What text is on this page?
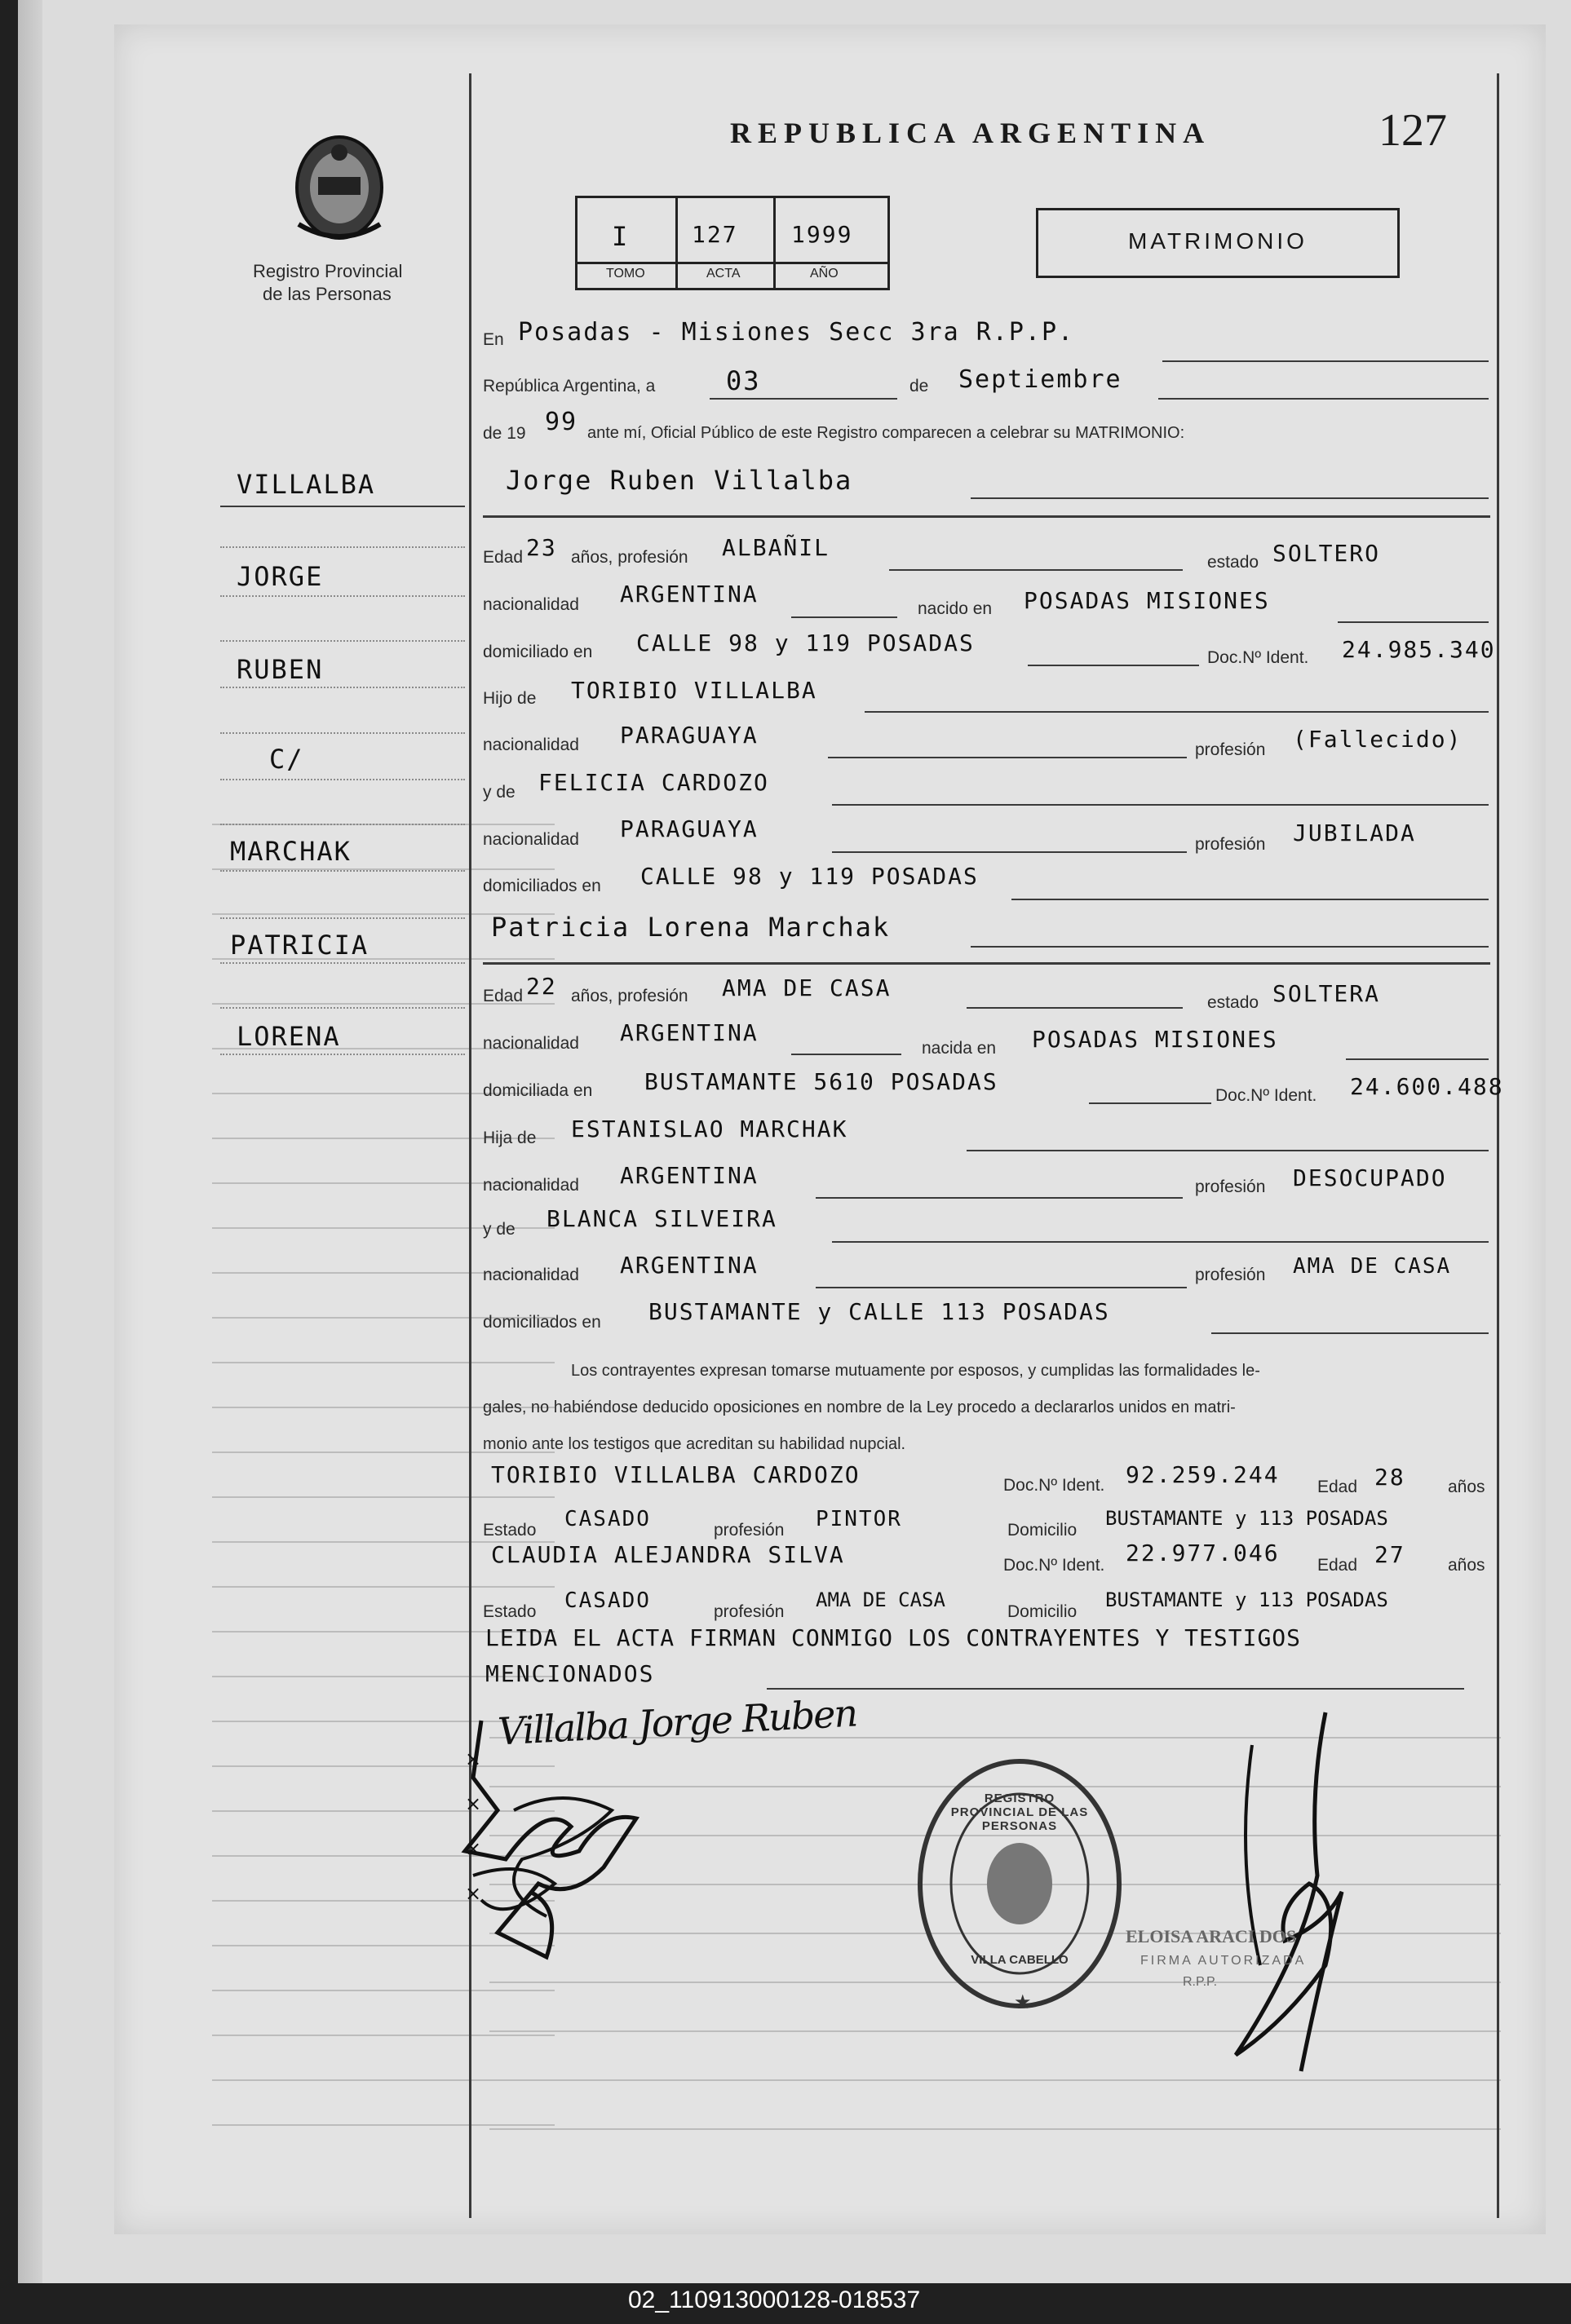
Registro Provincial
de las Personas
REPUBLICA ARGENTINA	127
I	127 1999
TOMO	ACTA	AÑO
MATRIMONIO
VILLALBA
JORGE
RUBEN
C/
MARCHAK
PATRICIA
LORENA
En Posadas - Misiones Secc 3ra R.P.P.
República Argentina, a	03	de Septiembre
de 19 99 ante mí, Oficial Público de este Registro comparecen a celebrar su MATRIMONIO:
Jorge Ruben Villalba
Edad 23 años, profesión ALBAÑIL
estado SOLTERO
nacionalidad ARGENTINA
nacido en POSADAS MISIONES
domiciliado en CALLE 98 y 119 POSADAS
Doc.Nº Ident. 24.985.340
Hijo de TORIBIO VILLALBA
nacionalidad PARAGUAYA
profesión (Fallecido)
y de FELICIA CARDOZO
nacionalidad PARAGUAYA
profesión JUBILADA
domiciliados en CALLE 98 y 119 POSADAS
Patricia Lorena Marchak
Edad 22 años, profesión AMA DE CASA
estado SOLTERA
nacionalidad ARGENTINA
nacida en POSADAS MISIONES
domiciliada en BUSTAMANTE 5610 POSADAS
Doc.Nº Ident. 24.600.488
Hija de ESTANISLAO MARCHAK
nacionalidad ARGENTINA	profesión DESOCUPADO
y de BLANCA SILVEIRA
nacionalidad ARGENTINA	profesión AMA DE CASA
domiciliados en BUSTAMANTE y CALLE 113 POSADAS
Los contrayentes expresan tomarse mutuamente por esposos, y cumplidas las formalidades le-
gales, no habiéndose deducido oposiciones en nombre de la Ley procedo a declararlos unidos en matri-
monio ante los testigos que acreditan su habilidad nupcial.
TORIBIO VILLALBA CARDOZO	Doc.Nº Ident. 92.259.244 Edad 28 años
Estado CASADO	profesión PINTOR	Domicilio
BUSTAMANTE y 113 POSADAS
CLAUDIA ALEJANDRA SILVA	Doc.Nº Ident. 22.977.046 Edad 27 años
Estado CASADO	profesión
AMA DE CASA
Domicilio
BUSTAMANTE y 113 POSADAS
LEIDA EL ACTA FIRMAN CONMIGO LOS CONTRAYENTES Y TESTIGOS
MENCIONADOS
Villalba Jorge Ruben
×
×
×
×
★
REGISTRO PROVINCIAL DE LAS PERSONAS
VILLA CABELLO
ELOISA ARACI DOS
FIRMA AUTORIZADA
R.P.P.
02_110913000128-018537
